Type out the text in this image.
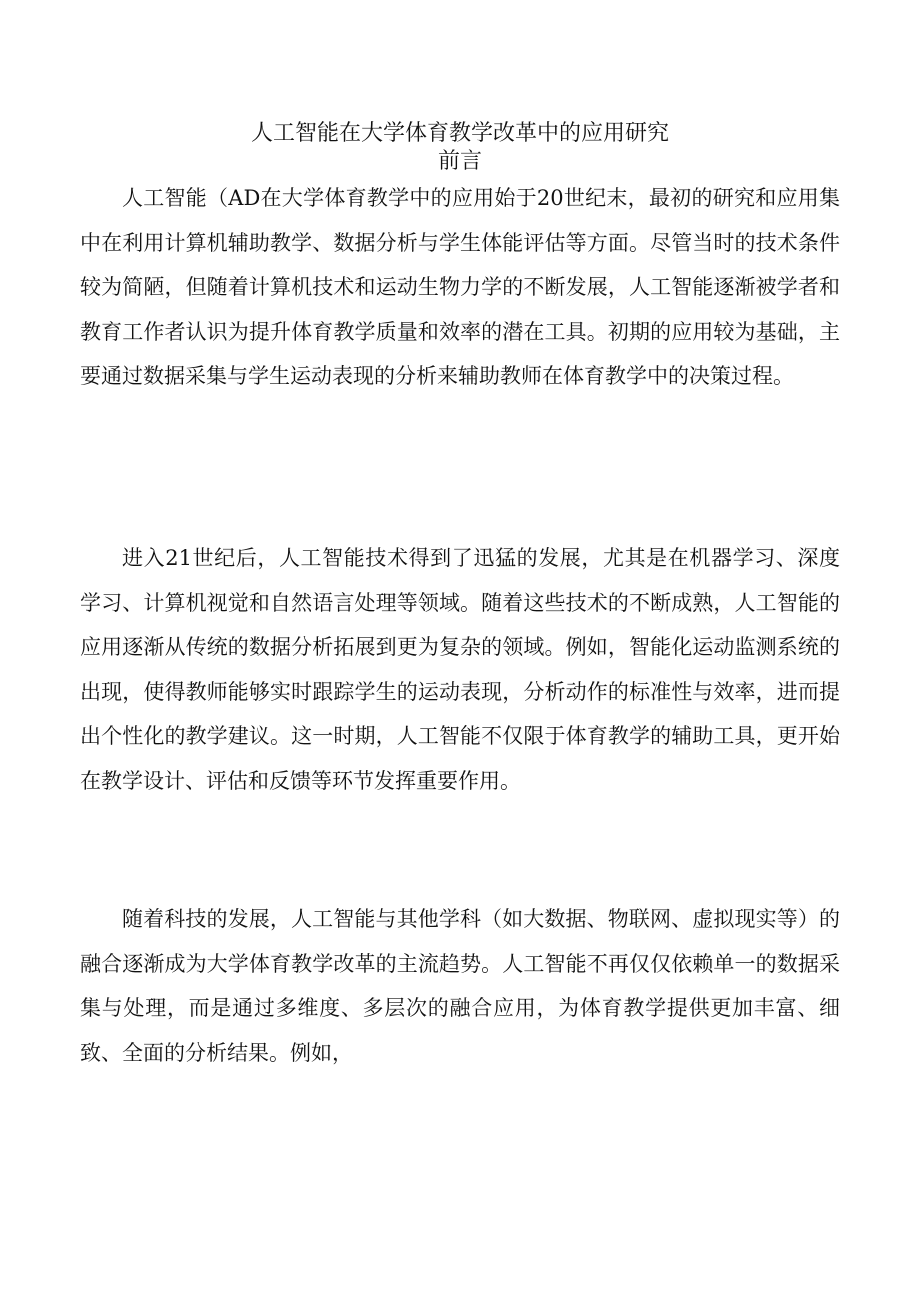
人工智能在大学体育教学改革中的应用研究
前言

人工智能（AD在大学体育教学中的应用始于20世纪末，最初的研究和应用集中在利用计算机辅助教学、数据分析与学生体能评估等方面。尽管当时的技术条件较为简陋，但随着计算机技术和运动生物力学的不断发展，人工智能逐渐被学者和教育工作者认识为提升体育教学质量和效率的潜在工具。初期的应用较为基础，主要通过数据采集与学生运动表现的分析来辅助教师在体育教学中的决策过程。

进入21世纪后，人工智能技术得到了迅猛的发展，尤其是在机器学习、深度学习、计算机视觉和自然语言处理等领域。随着这些技术的不断成熟，人工智能的应用逐渐从传统的数据分析拓展到更为复杂的领域。例如，智能化运动监测系统的出现，使得教师能够实时跟踪学生的运动表现，分析动作的标准性与效率，进而提出个性化的教学建议。这一时期，人工智能不仅限于体育教学的辅助工具，更开始在教学设计、评估和反馈等环节发挥重要作用。

随着科技的发展，人工智能与其他学科（如大数据、物联网、虚拟现实等）的融合逐渐成为大学体育教学改革的主流趋势。人工智能不再仅仅依赖单一的数据采集与处理，而是通过多维度、多层次的融合应用，为体育教学提供更加丰富、细致、全面的分析结果。例如，
